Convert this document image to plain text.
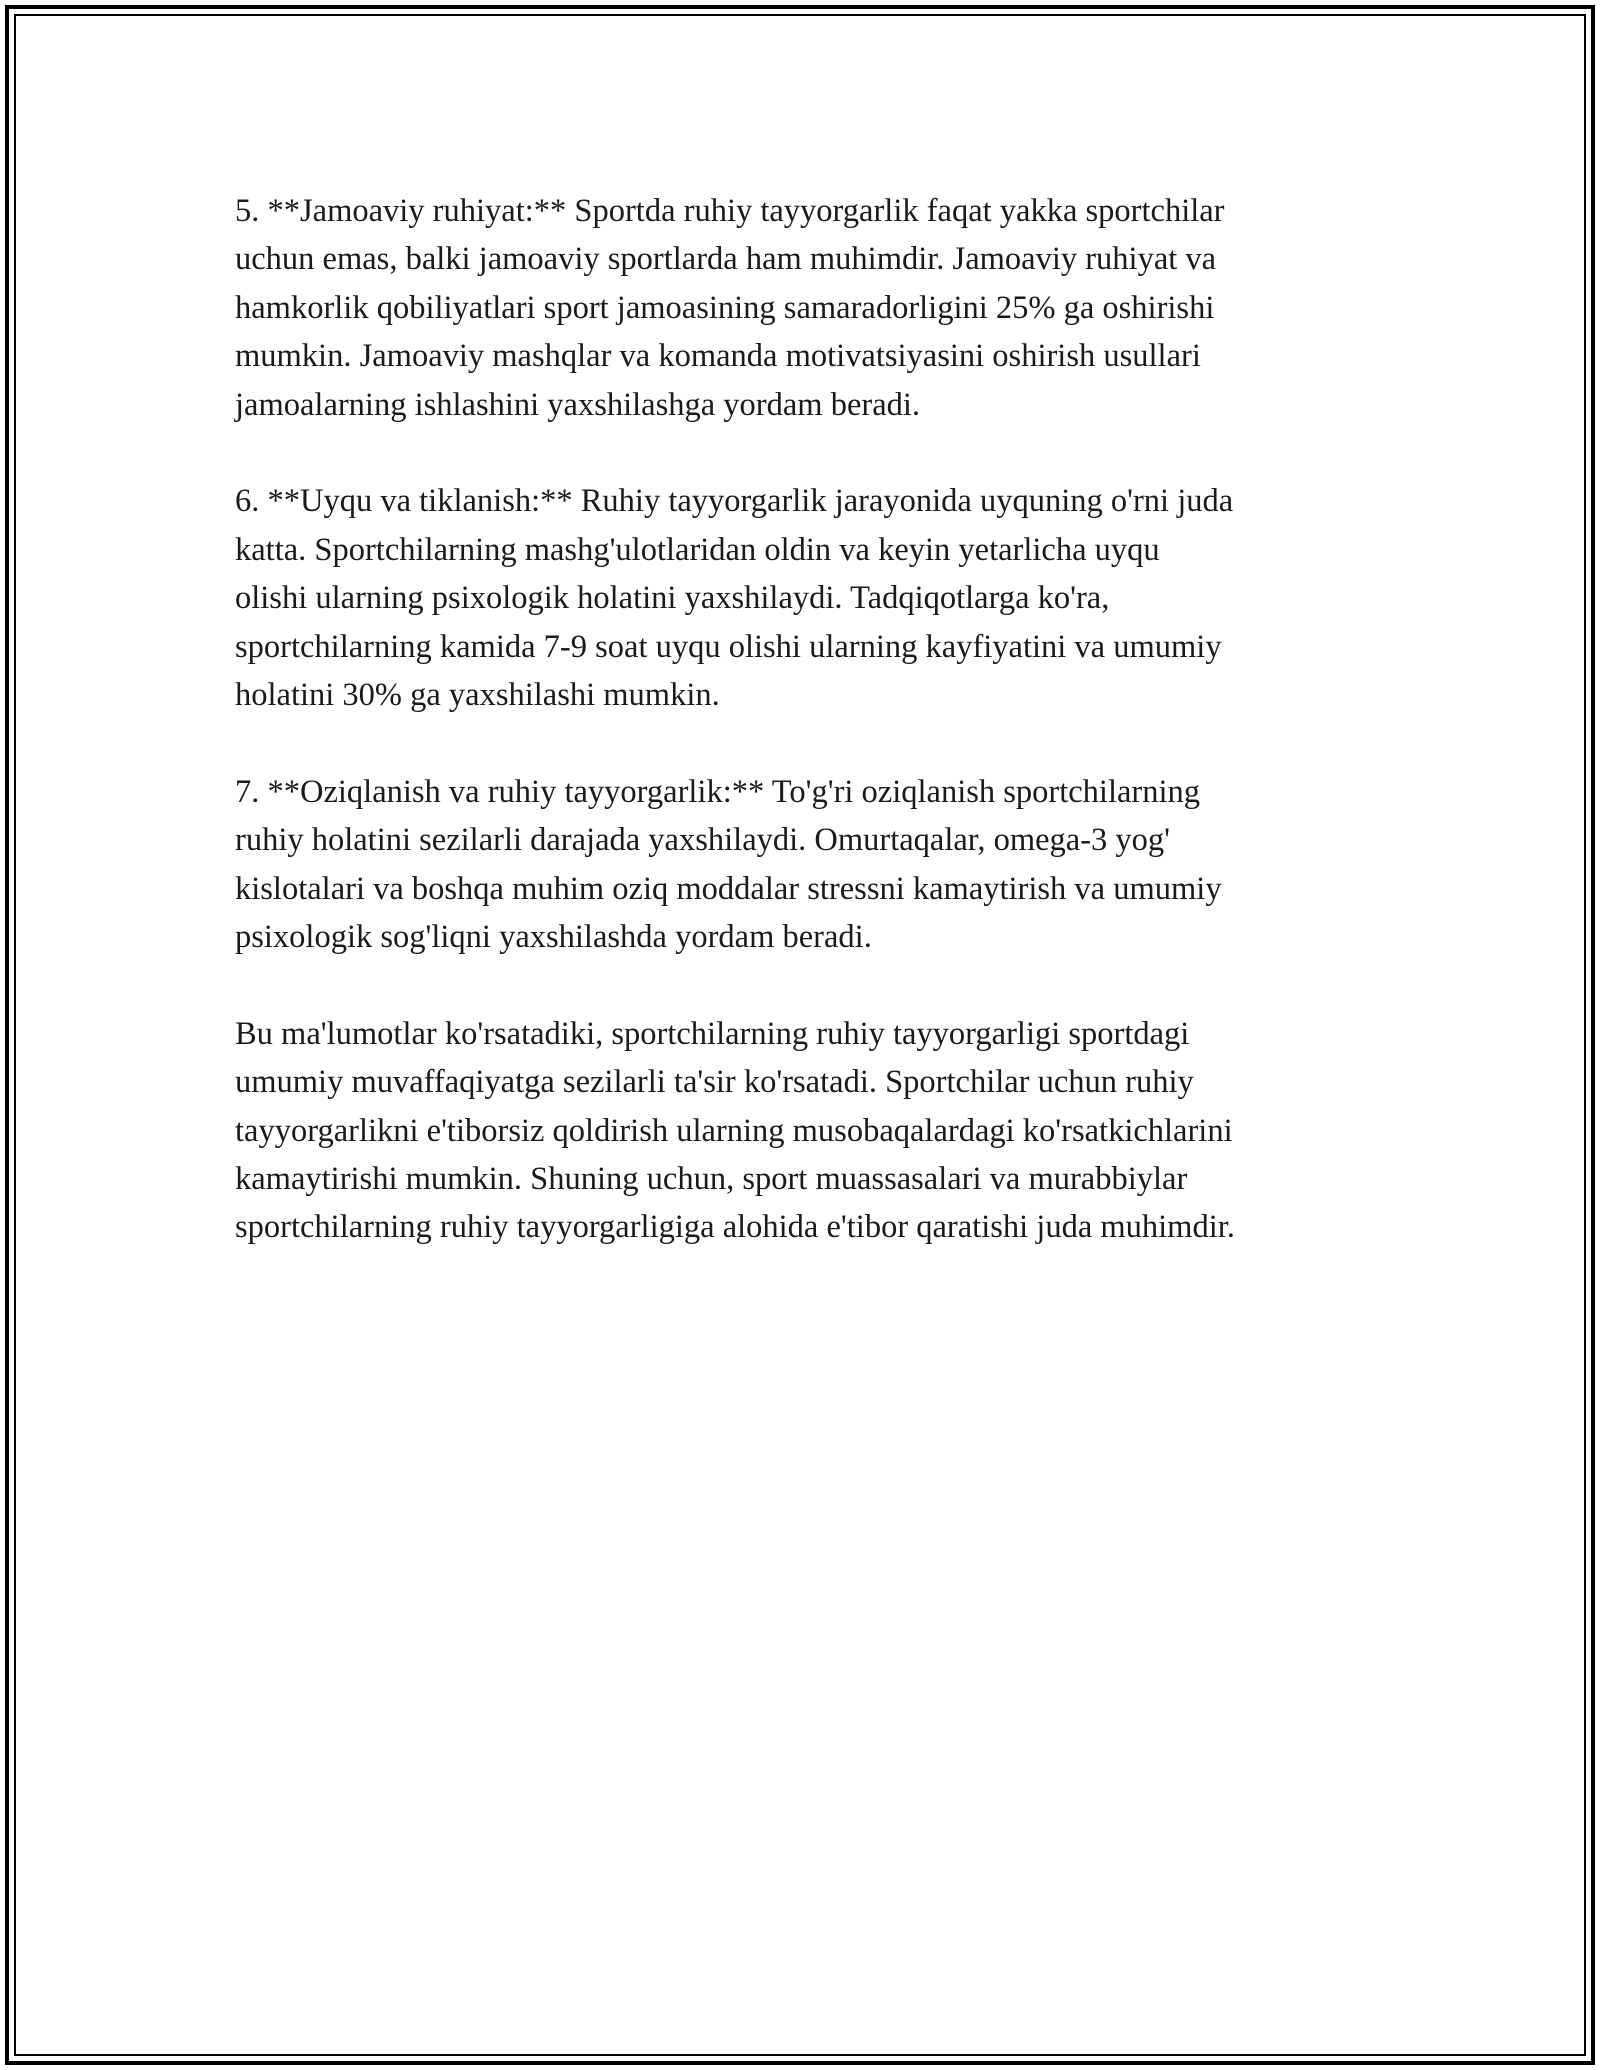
5. **Jamoaviy ruhiyat:** Sportda ruhiy tayyorgarlik faqat yakka sportchilar
uchun emas, balki jamoaviy sportlarda ham muhimdir. Jamoaviy ruhiyat va
hamkorlik qobiliyatlari sport jamoasining samaradorligini 25% ga oshirishi
mumkin. Jamoaviy mashqlar va komanda motivatsiyasini oshirish usullari
jamoalarning ishlashini yaxshilashga yordam beradi.

6. **Uyqu va tiklanish:** Ruhiy tayyorgarlik jarayonida uyquning o'rni juda
katta. Sportchilarning mashg'ulotlaridan oldin va keyin yetarlicha uyqu
olishi ularning psixologik holatini yaxshilaydi. Tadqiqotlarga ko'ra,
sportchilarning kamida 7-9 soat uyqu olishi ularning kayfiyatini va umumiy
holatini 30% ga yaxshilashi mumkin.

7. **Oziqlanish va ruhiy tayyorgarlik:** To'g'ri oziqlanish sportchilarning
ruhiy holatini sezilarli darajada yaxshilaydi. Omurtaqalar, omega-3 yog'
kislotalari va boshqa muhim oziq moddalar stressni kamaytirish va umumiy
psixologik sog'liqni yaxshilashda yordam beradi.

Bu ma'lumotlar ko'rsatadiki, sportchilarning ruhiy tayyorgarligi sportdagi
umumiy muvaffaqiyatga sezilarli ta'sir ko'rsatadi. Sportchilar uchun ruhiy
tayyorgarlikni e'tiborsiz qoldirish ularning musobaqalardagi ko'rsatkichlarini
kamaytirishi mumkin. Shuning uchun, sport muassasalari va murabbiylar
sportchilarning ruhiy tayyorgarligiga alohida e'tibor qaratishi juda muhimdir.
